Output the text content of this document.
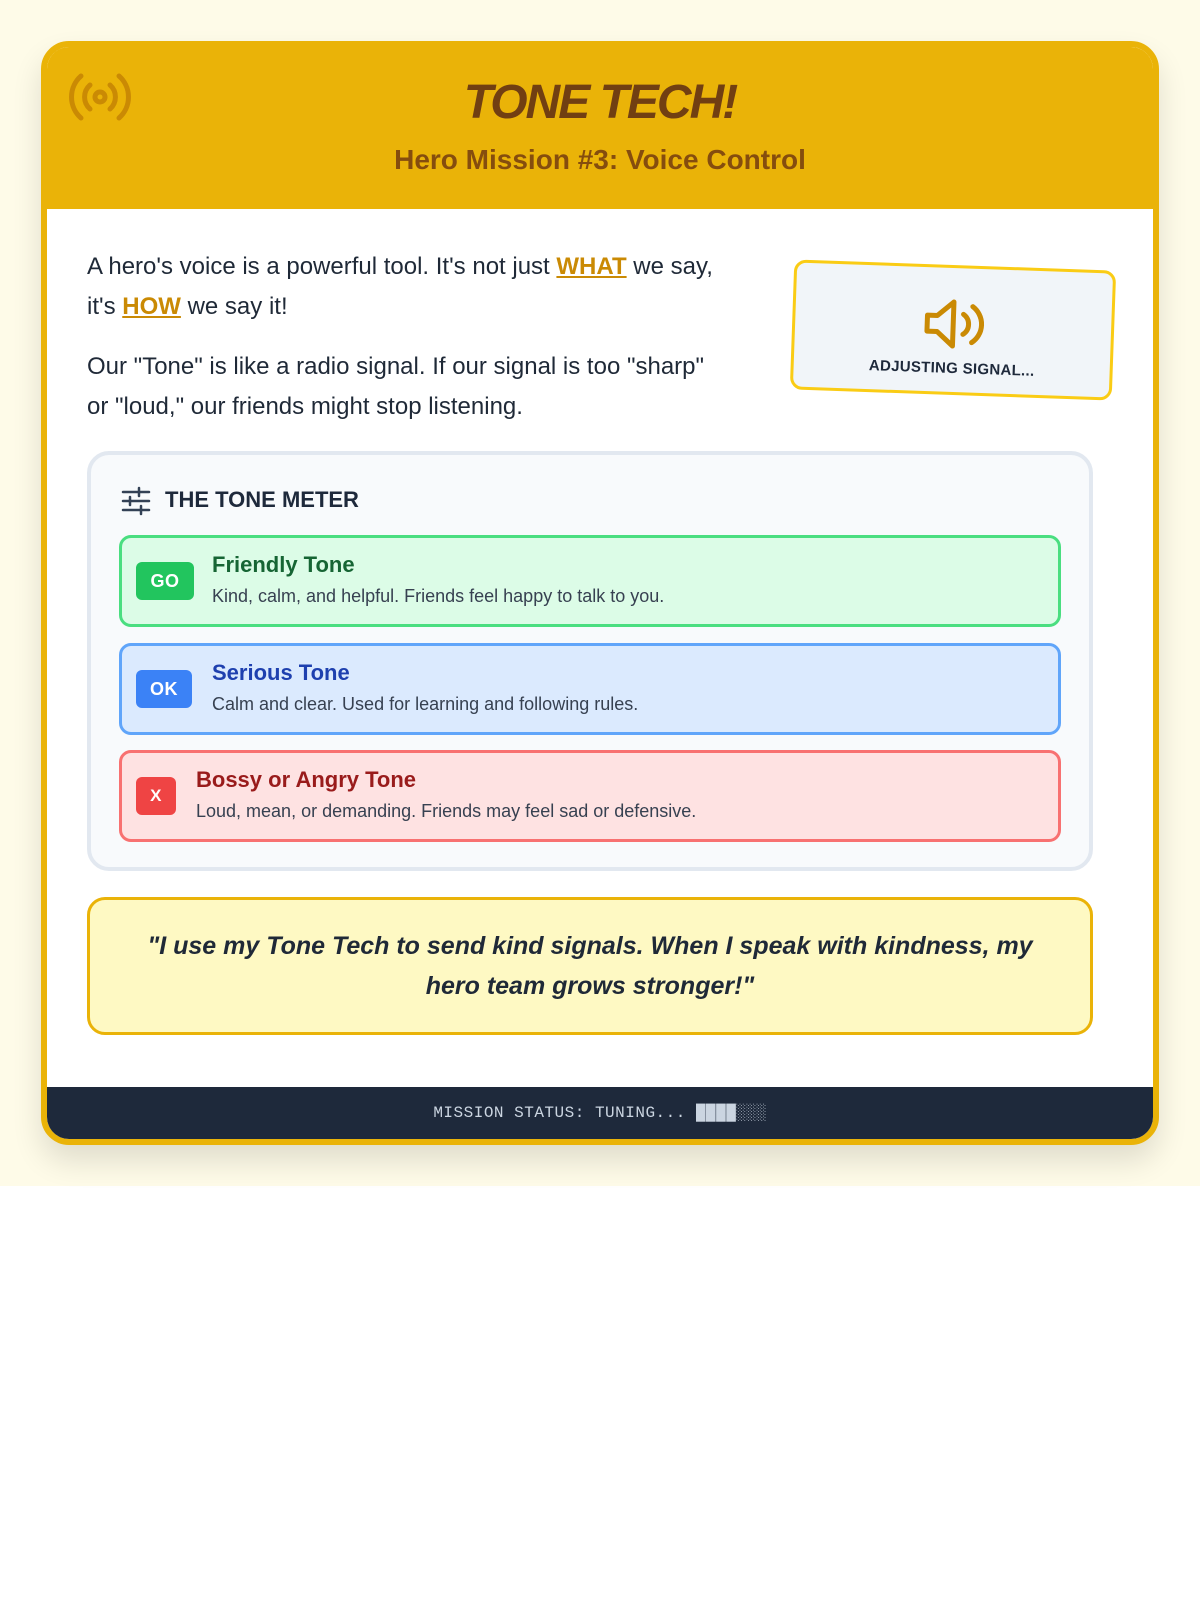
TONE TECH!
Hero Mission #3: Voice Control

A hero's voice is a powerful tool. It's not just WHAT we say, it's HOW we say it!

Our "Tone" is like a radio signal. If our signal is too "sharp" or "loud," our friends might stop listening.

ADJUSTING SIGNAL...
THE TONE METER
GO
Friendly Tone
Kind, calm, and helpful. Friends feel happy to talk to you.
OK
Serious Tone
Calm and clear. Used for learning and following rules.
X
Bossy or Angry Tone
Loud, mean, or demanding. Friends may feel sad or defensive.
"I use my Tone Tech to send kind signals. When I speak with kindness, my hero team grows stronger!"
MISSION STATUS: TUNING... ████░░░
